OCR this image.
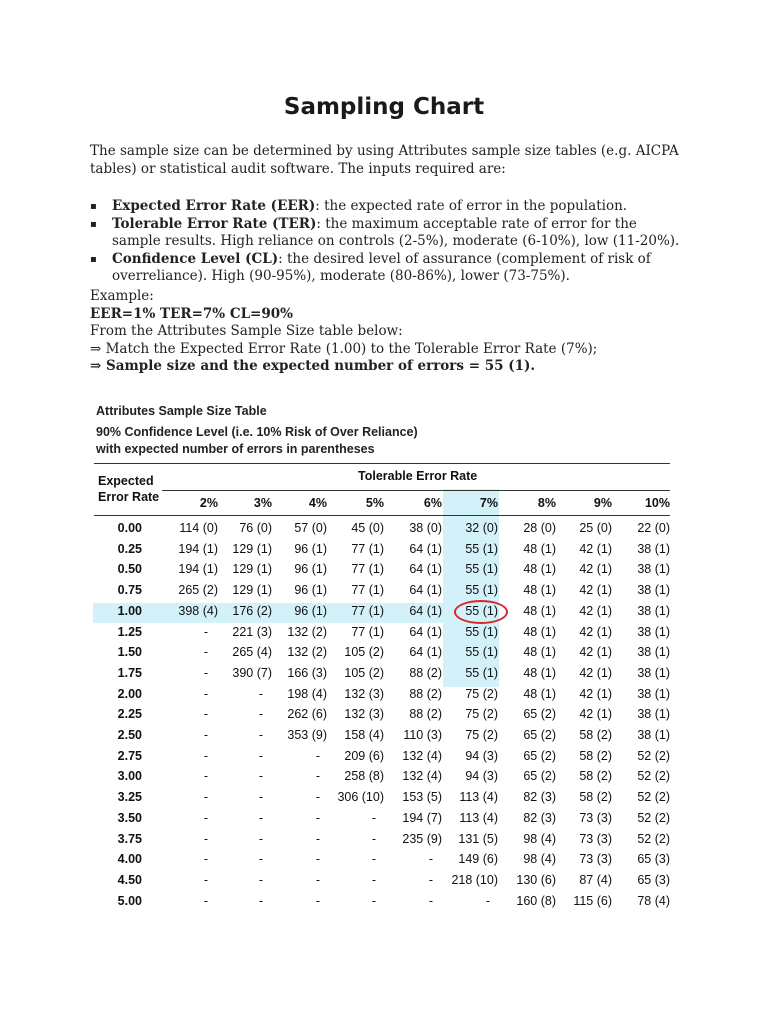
Sampling Chart
The sample size can be determined by using Attributes sample size tables (e.g. AICPA tables) or statistical audit software. The inputs required are:
▪ Expected Error Rate (EER): the expected rate of error in the population.
▪ Tolerable Error Rate (TER): the maximum acceptable rate of error for the sample results. High reliance on controls (2-5%), moderate (6-10%), low (11-20%).
▪ Confidence Level (CL): the desired level of assurance (complement of risk of overreliance). High (90-95%), moderate (80-86%), lower (73-75%).
Example:
EER=1% TER=7% CL=90%
From the Attributes Sample Size table below:
⇒ Match the Expected Error Rate (1.00) to the Tolerable Error Rate (7%);
⇒ Sample size and the expected number of errors = 55 (1).
Attributes Sample Size Table
90% Confidence Level (i.e. 10% Risk of Over Reliance)
with expected number of errors in parentheses
Expected
Error Rate
Tolerable Error Rate
2%	3%	4%	5%	6%	7%	8%	9%	10%
0.00	114 (0)	76 (0)	57 (0)	45 (0)	38 (0)	32 (0)	28 (0)	25 (0)	22 (0)
0.25	194 (1)	129 (1)	96 (1)	77 (1)	64 (1)	55 (1)	48 (1)	42 (1)	38 (1)
0.50	194 (1)	129 (1)	96 (1)	77 (1)	64 (1)	55 (1)	48 (1)	42 (1)	38 (1)
0.75	265 (2)	129 (1)	96 (1)	77 (1)	64 (1)	55 (1)	48 (1)	42 (1)	38 (1)
1.00	398 (4)	176 (2)	96 (1)	77 (1)	64 (1)	55 (1)	48 (1)	42 (1)	38 (1)
1.25	-	221 (3)	132 (2)	77 (1)	64 (1)	55 (1)	48 (1)	42 (1)	38 (1)
1.50	-	265 (4)	132 (2)	105 (2)	64 (1)	55 (1)	48 (1)	42 (1)	38 (1)
1.75	-	390 (7)	166 (3)	105 (2)	88 (2)	55 (1)	48 (1)	42 (1)	38 (1)
2.00	-	-	198 (4)	132 (3)	88 (2)	75 (2)	48 (1)	42 (1)	38 (1)
2.25	-	-	262 (6)	132 (3)	88 (2)	75 (2)	65 (2)	42 (1)	38 (1)
2.50	-	-	353 (9)	158 (4)	110 (3)	75 (2)	65 (2)	58 (2)	38 (1)
2.75	-	-	-	209 (6)	132 (4)	94 (3)	65 (2)	58 (2)	52 (2)
3.00	-	-	-	258 (8)	132 (4)	94 (3)	65 (2)	58 (2)	52 (2)
3.25	-	-	-	306 (10)	153 (5)	113 (4)	82 (3)	58 (2)	52 (2)
3.50	-	-	-	-	194 (7)	113 (4)	82 (3)	73 (3)	52 (2)
3.75	-	-	-	-	235 (9)	131 (5)	98 (4)	73 (3)	52 (2)
4.00	-	-	-	-	-	149 (6)	98 (4)	73 (3)	65 (3)
4.50	-	-	-	-	-	218 (10)	130 (6)	87 (4)	65 (3)
5.00	-	-	-	-	-	-	160 (8)	115 (6)	78 (4)
